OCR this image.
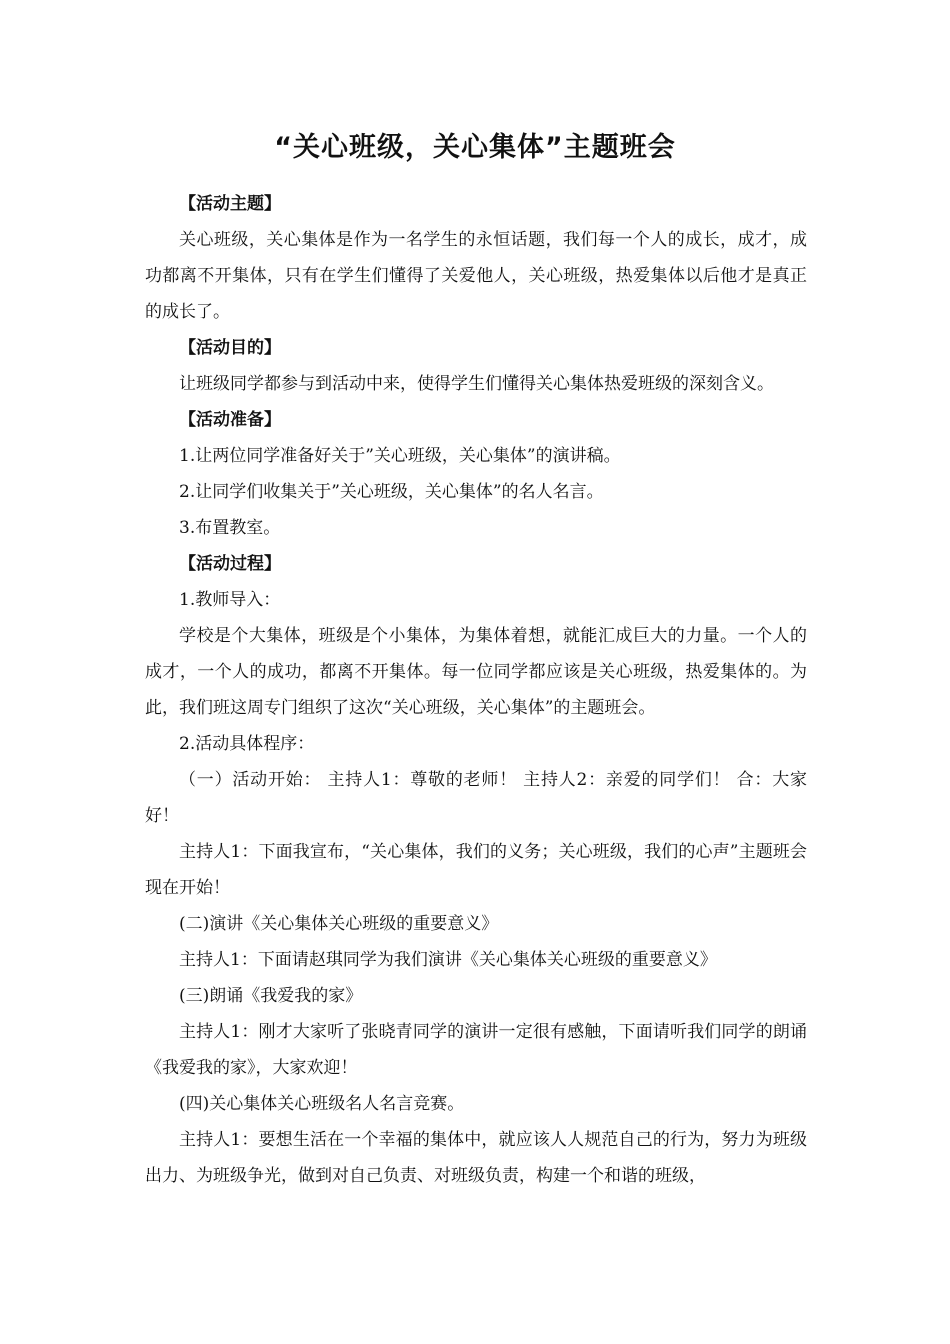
“关心班级，关心集体”主题班会

【活动主题】

关心班级，关心集体是作为一名学生的永恒话题，我们每一个人的成长，成才，成功都离不开集体，只有在学生们懂得了关爱他人，关心班级，热爱集体以后他才是真正的成长了。

【活动目的】

让班级同学都参与到活动中来，使得学生们懂得关心集体热爱班级的深刻含义。

【活动准备】

1.让两位同学准备好关于”关心班级，关心集体”的演讲稿。

2.让同学们收集关于”关心班级，关心集体”的名人名言。

3.布置教室。

【活动过程】

1.教师导入：

学校是个大集体，班级是个小集体，为集体着想，就能汇成巨大的力量。一个人的成才，一个人的成功，都离不开集体。每一位同学都应该是关心班级，热爱集体的。为此，我们班这周专门组织了这次“关心班级，关心集体”的主题班会。

2.活动具体程序：

（一）活动开始： 主持人1：尊敬的老师！ 主持人2：亲爱的同学们！ 合：大家好！

主持人1：下面我宣布，“关心集体，我们的义务；关心班级，我们的心声”主题班会现在开始！

(二)演讲《关心集体关心班级的重要意义》

主持人1：下面请赵琪同学为我们演讲《关心集体关心班级的重要意义》

(三)朗诵《我爱我的家》

主持人1：刚才大家听了张晓青同学的演讲一定很有感触，下面请听我们同学的朗诵《我爱我的家》，大家欢迎！

(四)关心集体关心班级名人名言竞赛。

主持人1：要想生活在一个幸福的集体中，就应该人人规范自己的行为，努力为班级出力、为班级争光，做到对自己负责、对班级负责，构建一个和谐的班级，
